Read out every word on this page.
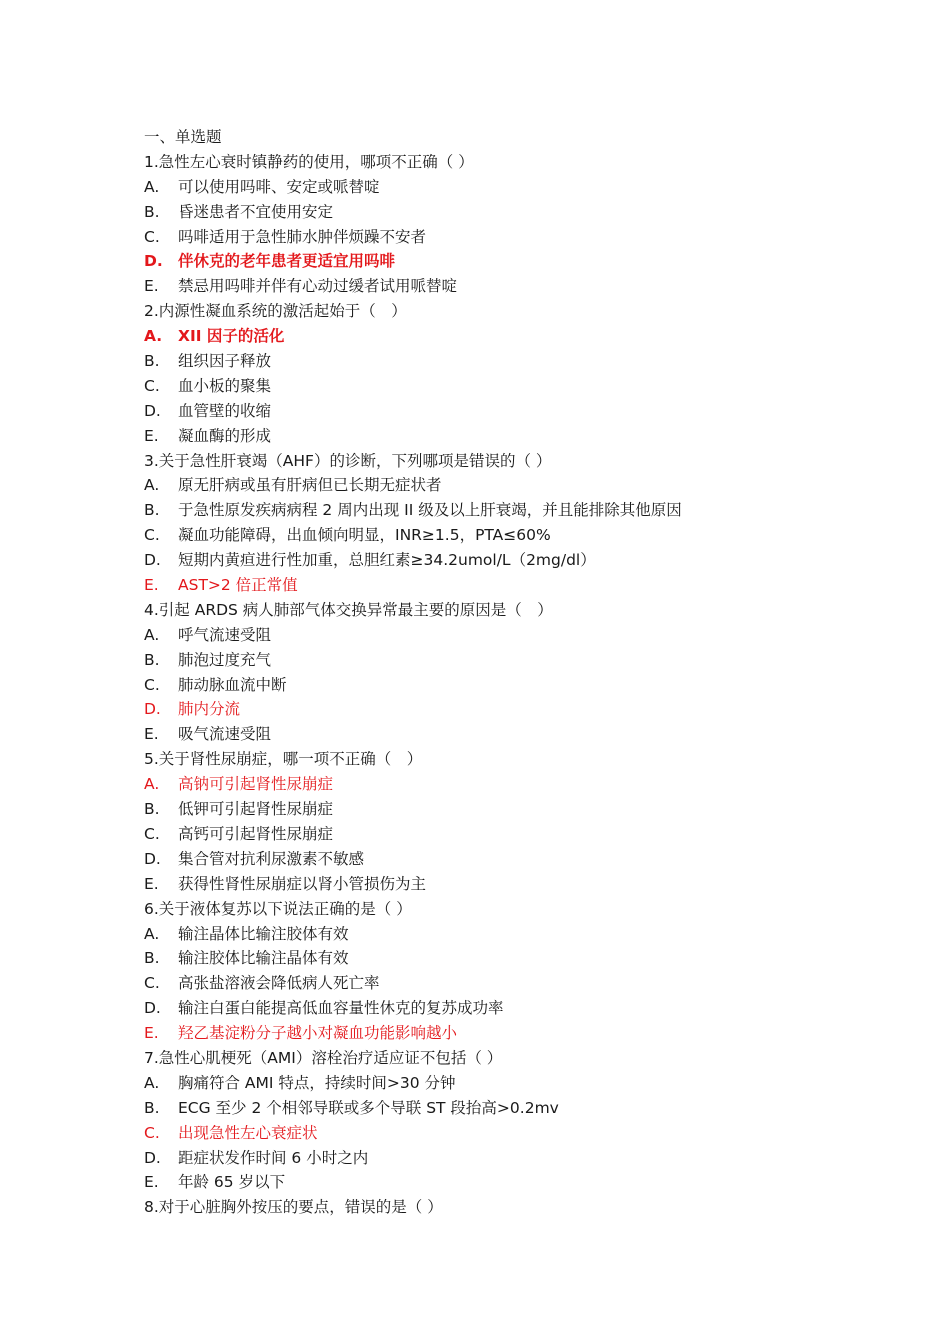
一、单选题
1.急性左心衰时镇静药的使用，哪项不正确（ ）
A.	可以使用吗啡、安定或哌替啶
B.	昏迷患者不宜使用安定
C.	吗啡适用于急性肺水肿伴烦躁不安者
D. 伴休克的老年患者更适宜用吗啡
E.	禁忌用吗啡并伴有心动过缓者试用哌替啶
2.内源性凝血系统的激活起始于（　）
A.	XII 因子的活化
B.	组织因子释放
C.	血小板的聚集
D.	血管壁的收缩
E.	凝血酶的形成
3.关于急性肝衰竭（AHF）的诊断，下列哪项是错误的（ ）
A.	原无肝病或虽有肝病但已长期无症状者
B.	于急性原发疾病病程 2 周内出现 II 级及以上肝衰竭，并且能排除其他原因
C.	凝血功能障碍，出血倾向明显，INR≥1.5，PTA≤60%
D.	短期内黄疸进行性加重，总胆红素≥34.2umol/L（2mg/dl）
E.	AST>2 倍正常值
4.引起 ARDS 病人肺部气体交换异常最主要的原因是（　）
A.	呼气流速受阻
B.	肺泡过度充气
C.	肺动脉血流中断
D.	肺内分流
E.	吸气流速受阻
5.关于肾性尿崩症，哪一项不正确（　）
A.	高钠可引起肾性尿崩症
B.	低钾可引起肾性尿崩症
C.	高钙可引起肾性尿崩症
D.	集合管对抗利尿激素不敏感
E.	获得性肾性尿崩症以肾小管损伤为主
6.关于液体复苏以下说法正确的是（ ）
A.	输注晶体比输注胶体有效
B.	输注胶体比输注晶体有效
C.	高张盐溶液会降低病人死亡率
D.	输注白蛋白能提高低血容量性休克的复苏成功率
E.	羟乙基淀粉分子越小对凝血功能影响越小
7.急性心肌梗死（AMI）溶栓治疗适应证不包括（ ）
A.	胸痛符合 AMI 特点，持续时间>30 分钟
B.	ECG 至少 2 个相邻导联或多个导联 ST 段抬高>0.2mv
C.	出现急性左心衰症状
D.	距症状发作时间 6 小时之内
E.	年龄 65 岁以下
8.对于心脏胸外按压的要点，错误的是（ ）
